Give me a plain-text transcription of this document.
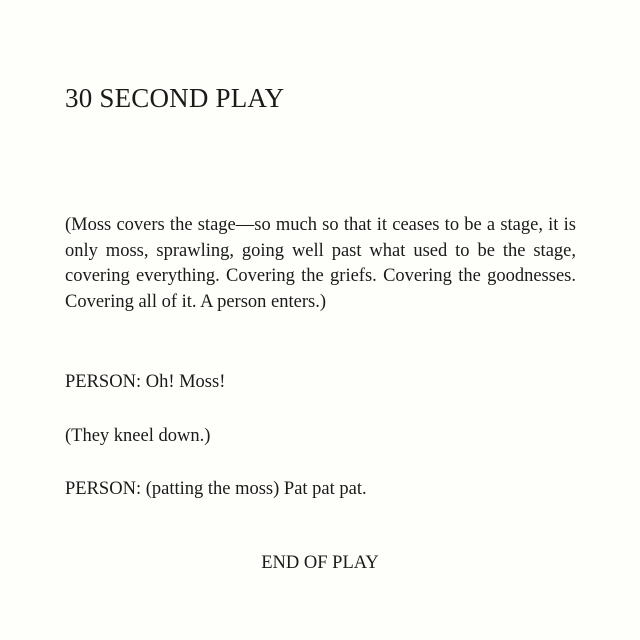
30 SECOND PLAY

(Moss covers the stage—so much so that it ceases to be a stage, it is only moss, sprawling, going well past what used to be the stage, covering everything. Covering the griefs. Covering the goodnesses. Covering all of it. A person enters.)

PERSON: Oh! Moss!

(They kneel down.)

PERSON: (patting the moss) Pat pat pat.

END OF PLAY
